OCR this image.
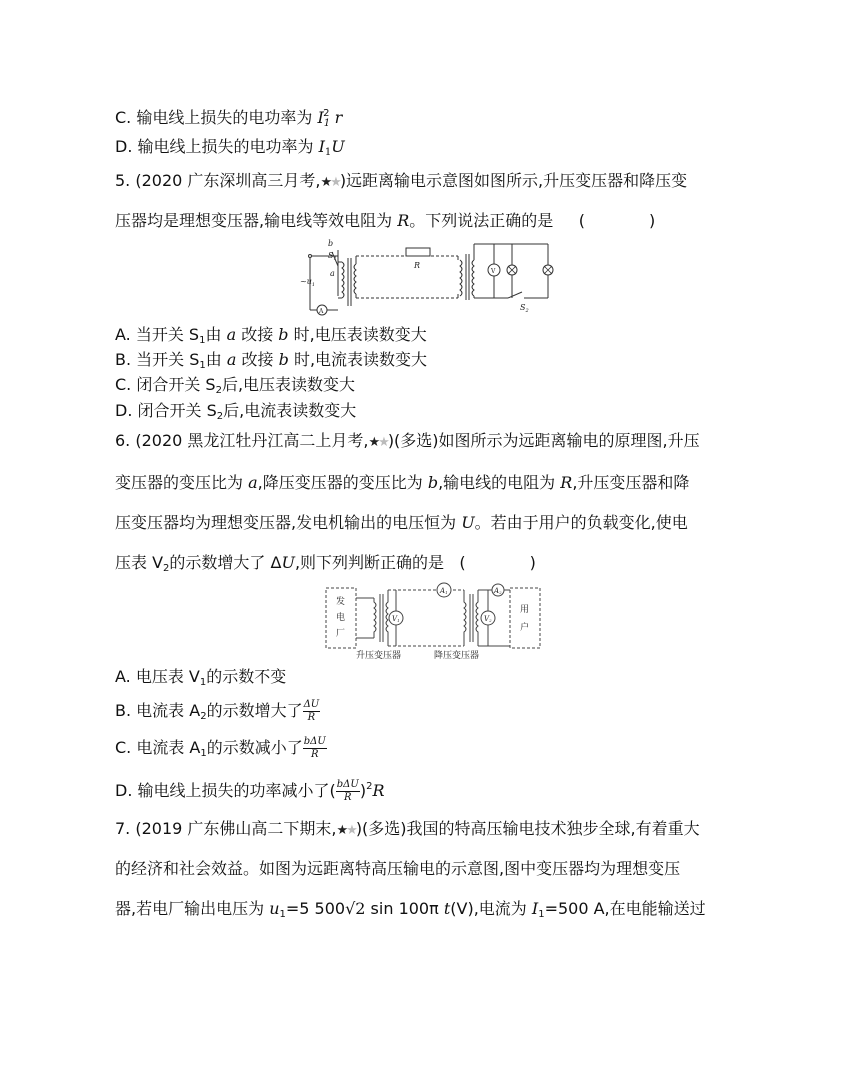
C. 输电线上损失的电功率为 $I_1^2$ r
D. 输电线上损失的电功率为 $I_1U$
5. (2020 广东深圳高三月考,★★)远距离输电示意图如图所示,升压变压器和降压变
压器均是理想变压器,输电线等效电阻为 R。下列说法正确的是 (	)
b
$S_1$
a
$\sim u_1$
A
R
V
$S_2$
A. 当开关 $S_1$由 a 改接 b 时,电压表读数变大
B. 当开关 $S_1$由 a 改接 b 时,电流表读数变大
C. 闭合开关 $S_2$后,电压表读数变大
D. 闭合开关 $S_2$后,电流表读数变大
6. (2020 黑龙江牡丹江高二上月考,★★)(多选)如图所示为远距离输电的原理图,升压
变压器的变压比为 a,降压变压器的变压比为 b,输电线的电阻为 R,升压变压器和降
压变压器均为理想变压器,发电机输出的电压恒为 U。若由于用户的负载变化,使电
压表 $V_2$的示数增大了 ΔU,则下列判断正确的是 (	)
发
电
厂
用
户
升压变压器	降压变压器
V1
A1
V2
A2
A. 电压表 $V_1$的示数不变
B. 电流表 $A_2$的示数增大了 $\frac{\Delta U}{R}$
C. 电流表 $A_1$的示数减小了 $\frac{\text{bΔU}}{R}$
D. 输电线上损失的功率减小了( $\frac{\text{bΔU}}{R} )^2R$
7. (2019 广东佛山高二下期末,★★)(多选)我国的特高压输电技术独步全球,有着重大
的经济和社会效益。如图为远距离特高压输电的示意图,图中变压器均为理想变压
器,若电厂输出电压为 $u_1=5$ 500√2 sin 100π t(V),电流为 $I_1=500$ A,在电能输送过
